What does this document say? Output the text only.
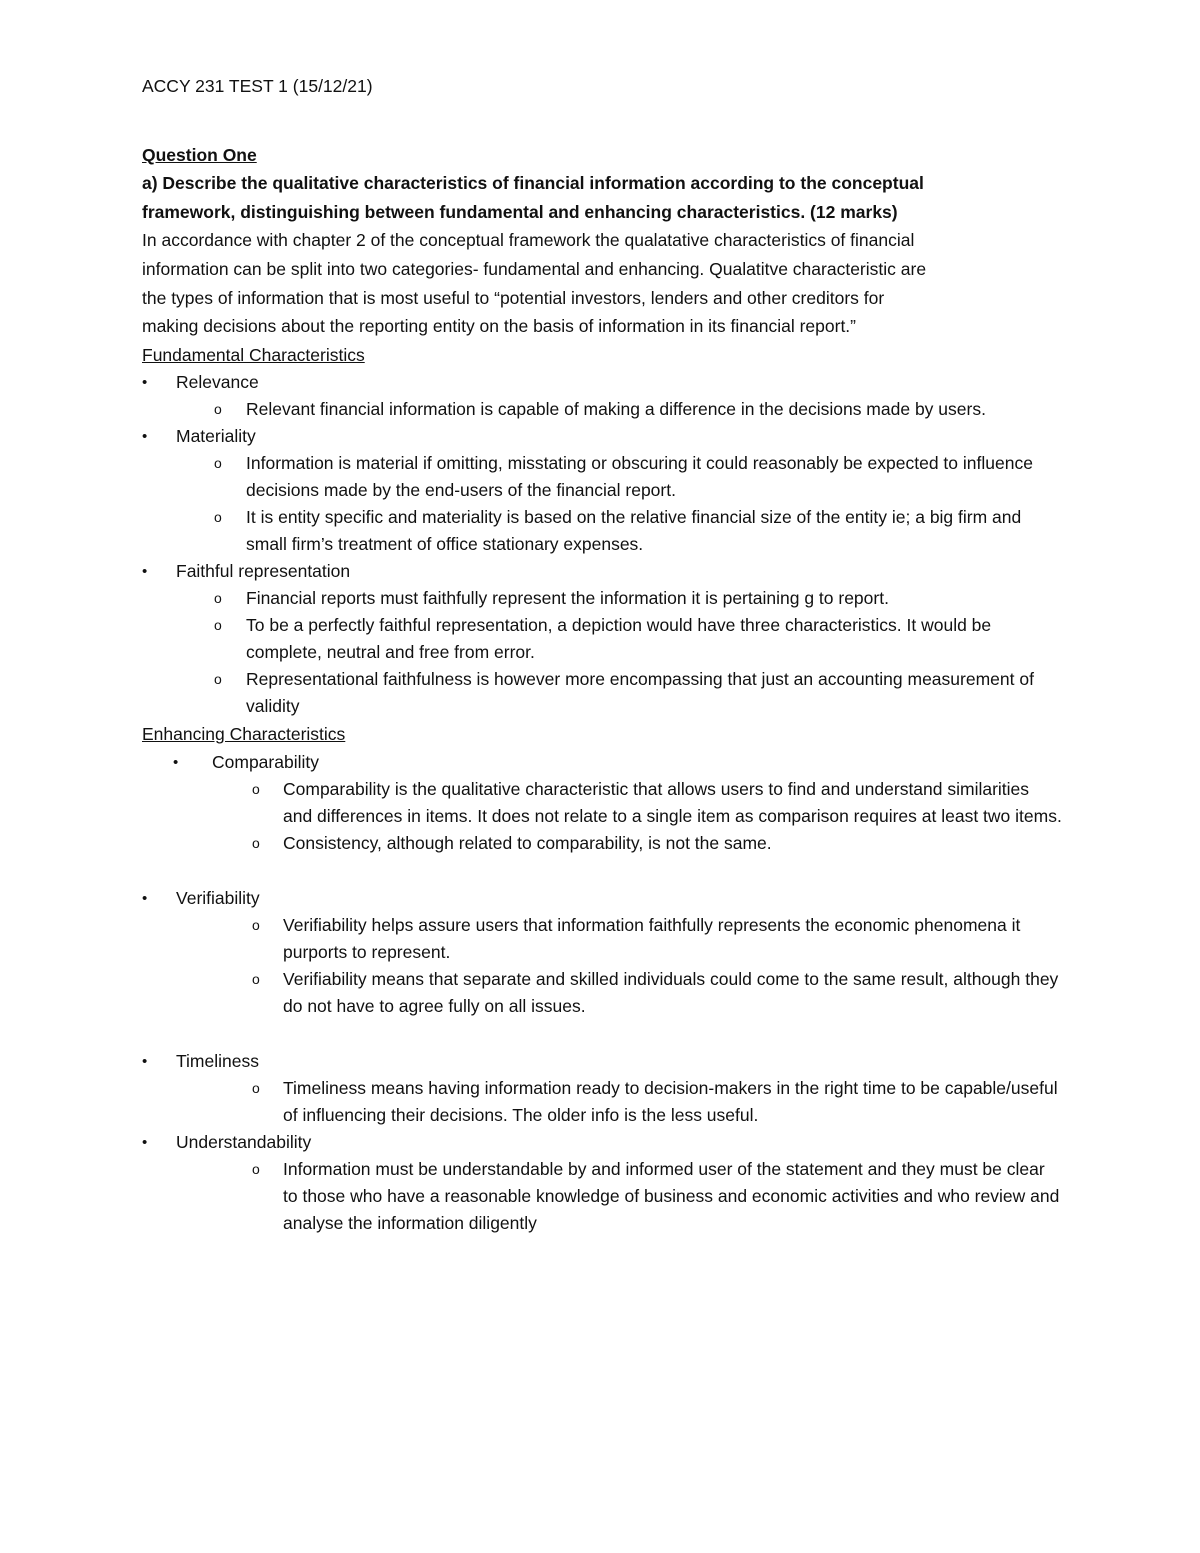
ACCY 231 TEST 1 (15/12/21)
Question One
a) Describe the qualitative characteristics of financial information according to the conceptual
framework, distinguishing between fundamental and enhancing characteristics. (12 marks)
In accordance with chapter 2 of the conceptual framework the qualatative characteristics of financial
information can be split into two categories- fundamental and enhancing. Qualatitve characteristic are
the types of information that is most useful to “potential investors, lenders and other creditors for
making decisions about the reporting entity on the basis of information in its financial report.”
Fundamental Characteristics
• Relevance
o Relevant financial information is capable of making a difference in the decisions made by users.
• Materiality
o Information is material if omitting, misstating or obscuring it could reasonably be expected to influence decisions made by the end-users of the financial report.
o It is entity specific and materiality is based on the relative financial size of the entity ie; a big firm and small firm’s treatment of office stationary expenses.
• Faithful representation
o Financial reports must faithfully represent the information it is pertaining g to report.
o To be a perfectly faithful representation, a depiction would have three characteristics. It would be complete, neutral and free from error.
o Representational faithfulness is however more encompassing that just an accounting measurement of validity
Enhancing Characteristics
• Comparability
o Comparability is the qualitative characteristic that allows users to find and understand similarities and differences in items. It does not relate to a single item as comparison requires at least two items.
o Consistency, although related to comparability, is not the same.
• Verifiability
o Verifiability helps assure users that information faithfully represents the economic phenomena it purports to represent.
o Verifiability means that separate and skilled individuals could come to the same result, although they do not have to agree fully on all issues.
• Timeliness
o Timeliness means having information ready to decision-makers in the right time to be capable/useful of influencing their decisions. The older info is the less useful.
• Understandability
o Information must be understandable by and informed user of the statement and they must be clear to those who have a reasonable knowledge of business and economic activities and who review and analyse the information diligently
